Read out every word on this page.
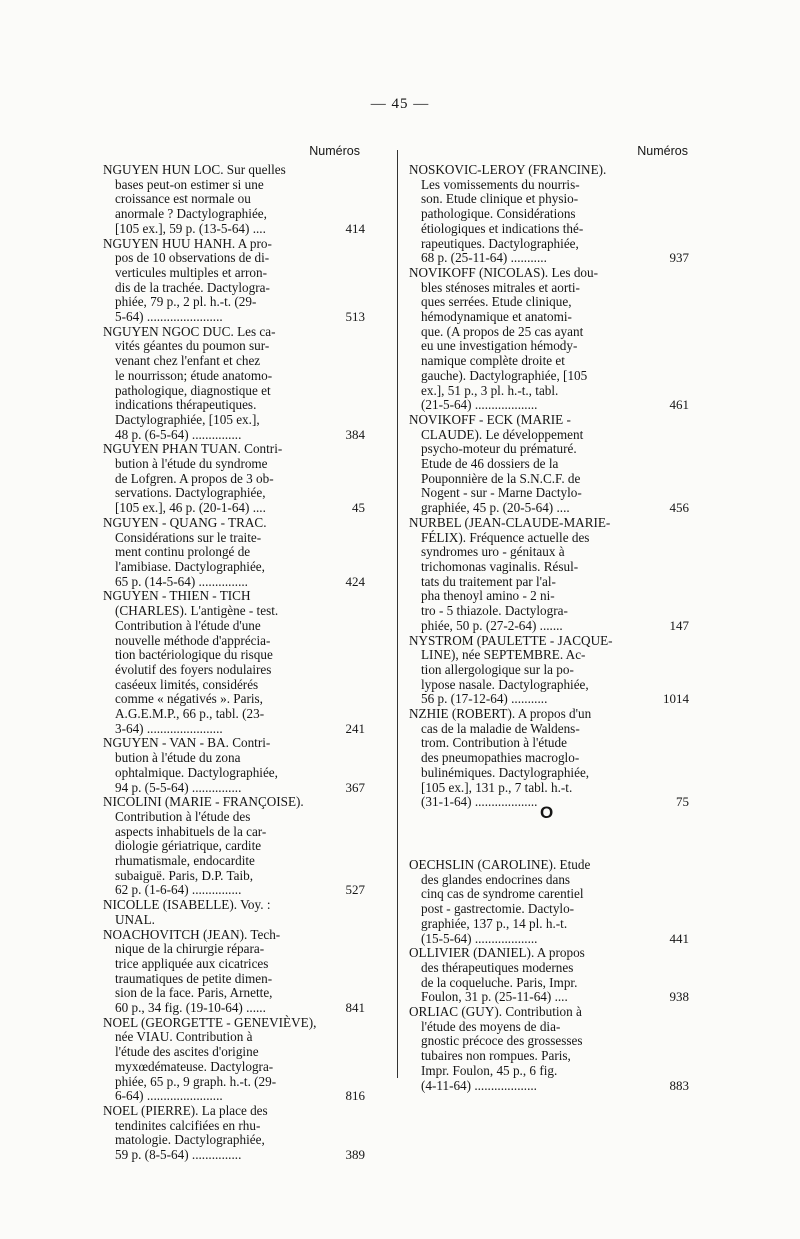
— 45 —
Numéros	Numéros
NGUYEN HUN LOC. Sur quelles
bases peut-on estimer si une
croissance est normale ou
anormale ? Dactylographiée,
[105 ex.], 59 p. (13-5-64) ....	414
NGUYEN HUU HANH. A pro-
pos de 10 observations de di-
verticules multiples et arron-
dis de la trachée. Dactylogra-
phiée, 79 p., 2 pl. h.-t. (29-
5-64) .......................	513
NGUYEN NGOC DUC. Les ca-
vités géantes du poumon sur-
venant chez l'enfant et chez
le nourrisson; étude anatomo-
pathologique, diagnostique et
indications thérapeutiques.
Dactylographiée, [105 ex.],
48 p. (6-5-64) ...............	384
NGUYEN PHAN TUAN. Contri-
bution à l'étude du syndrome
de Lofgren. A propos de 3 ob-
servations. Dactylographiée,
[105 ex.], 46 p. (20-1-64) ....	45
NGUYEN - QUANG - TRAC.
Considérations sur le traite-
ment continu prolongé de
l'amibiase. Dactylographiée,
65 p. (14-5-64) ...............	424
NGUYEN - THIEN - TICH
(CHARLES). L'antigène - test.
Contribution à l'étude d'une
nouvelle méthode d'apprécia-
tion bactériologique du risque
évolutif des foyers nodulaires
caséeux limités, considérés
comme « négativés ». Paris,
A.G.E.M.P., 66 p., tabl. (23-
3-64) .......................	241
NGUYEN - VAN - BA. Contri-
bution à l'étude du zona
ophtalmique. Dactylographiée,
94 p. (5-5-64) ...............	367
NICOLINI (MARIE - FRANÇOISE).
Contribution à l'étude des
aspects inhabituels de la car-
diologie gériatrique, cardite
rhumatismale, endocardite
subaiguë. Paris, D.P. Taib,
62 p. (1-6-64) ...............	527
NICOLLE (ISABELLE). Voy. :
UNAL.
NOACHOVITCH (JEAN). Tech-
nique de la chirurgie répara-
trice appliquée aux cicatrices
traumatiques de petite dimen-
sion de la face. Paris, Arnette,
60 p., 34 fig. (19-10-64) ......	841
NOEL (GEORGETTE - GENEVIÈVE),
née VIAU. Contribution à
l'étude des ascites d'origine
myxœdémateuse. Dactylogra-
phiée, 65 p., 9 graph. h.-t. (29-
6-64) .......................	816
NOEL (PIERRE). La place des
tendinites calcifiées en rhu-
matologie. Dactylographiée,
59 p. (8-5-64) ...............	389
NOSKOVIC-LEROY (FRANCINE).
Les vomissements du nourris-
son. Etude clinique et physio-
pathologique. Considérations
étiologiques et indications thé-
rapeutiques. Dactylographiée,
68 p. (25-11-64) ...........	937
NOVIKOFF (NICOLAS). Les dou-
bles sténoses mitrales et aorti-
ques serrées. Etude clinique,
hémodynamique et anatomi-
que. (A propos de 25 cas ayant
eu une investigation hémody-
namique complète droite et
gauche). Dactylographiée, [105
ex.], 51 p., 3 pl. h.-t., tabl.
(21-5-64) ...................	461
NOVIKOFF - ECK (MARIE -
CLAUDE). Le développement
psycho-moteur du prématuré.
Etude de 46 dossiers de la
Pouponnière de la S.N.C.F. de
Nogent - sur - Marne Dactylo-
graphiée, 45 p. (20-5-64) ....	456
NURBEL (JEAN-CLAUDE-MARIE-
FÉLIX). Fréquence actuelle des
syndromes uro - génitaux à
trichomonas vaginalis. Résul-
tats du traitement par l'al-
pha thenoyl amino - 2 ni-
tro - 5 thiazole. Dactylogra-
phiée, 50 p. (27-2-64) .......	147
NYSTROM (PAULETTE - JACQUE-
LINE), née SEPTEMBRE. Ac-
tion allergologique sur la po-
lypose nasale. Dactylographiée,
56 p. (17-12-64) ...........	1014
NZHIE (ROBERT). A propos d'un
cas de la maladie de Waldens-
trom. Contribution à l'étude
des pneumopathies macroglo-
bulinémiques. Dactylographiée,
[105 ex.], 131 p., 7 tabl. h.-t.
(31-1-64) ...................	75
O
OECHSLIN (CAROLINE). Etude
des glandes endocrines dans
cinq cas de syndrome carentiel
post - gastrectomie. Dactylo-
graphiée, 137 p., 14 pl. h.-t.
(15-5-64) ...................	441
OLLIVIER (DANIEL). A propos
des thérapeutiques modernes
de la coqueluche. Paris, Impr.
Foulon, 31 p. (25-11-64) ....	938
ORLIAC (GUY). Contribution à
l'étude des moyens de dia-
gnostic précoce des grossesses
tubaires non rompues. Paris,
Impr. Foulon, 45 p., 6 fig.
(4-11-64) ...................	883
